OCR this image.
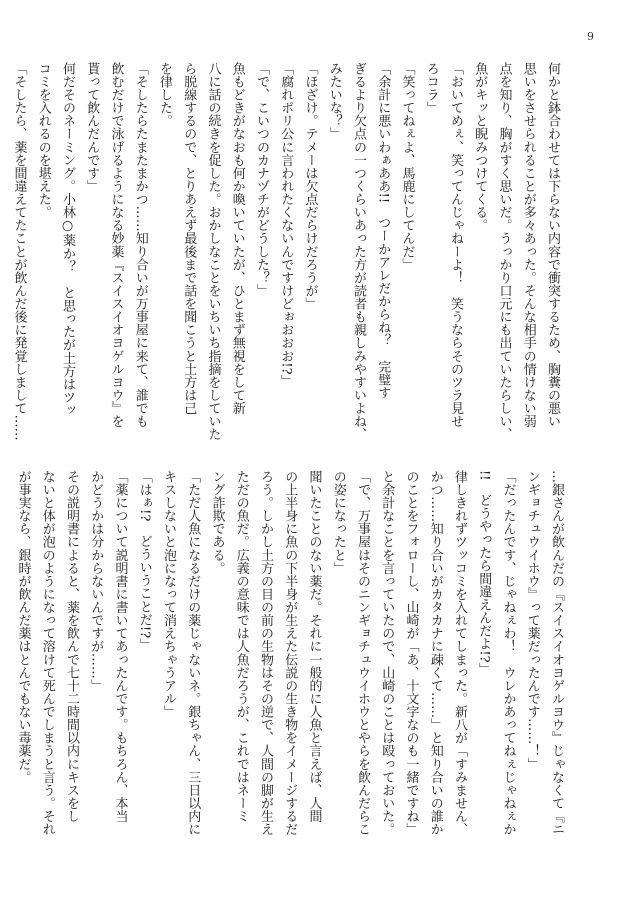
9
何かと鉢合わせては下らない内容で衝突するため、胸糞の悪い
思いをさせられることが多々あった。そんな相手の情けない弱
点を知り、胸がすく思いだ。うっかり口元にも出ていたらしい、
魚がキッと睨みつけてくる。
「おいてめぇ、笑ってんじゃねーよ！　笑うならそのツラ見せ
ろコラ」
「笑ってねぇよ、馬鹿にしてんだ」
「余計に悪いわぁああ!!　つーかアレだからね？　完璧す
ぎるより欠点の一つくらいあった方が読者も親しみやすいよね、
みたいな？」
「ほざけ。テメーは欠点だらけだろうが」
「腐れポリ公に言われたくないんですけどぉおおお!?」
「で、こいつのカナヅチがどうした？」
魚もどきがなおも何か喚いていたが、ひとまず無視をして新
八に話の続きを促した。おかしなことをいちいち指摘をしていた
ら脱線するので、とりあえず最後まで話を聞こうと土方は己
を律した。
「そしたらたまたまかつ……知り合いが万事屋に来て、誰でも
飲むだけで泳げるようになる妙薬『スイスイオヨゲルヨウ』を
貰って飲んだんです」
何だそのネーミング。小林○薬か？　と思ったが土方はツッ
コミを入れるのを堪えた。
「そしたら、薬を間違えてたことが飲んだ後に発覚しまして……
…銀さんが飲んだの『スイスイオヨゲルヨウ』じゃなくて『ニ
ンギョチュウイホウ』って薬だったんです……！」
「だったんです、じゃねぇわ！　ウレかあってねぇじゃねぇか
!!　どうやったら間違えんだよ!?」
律しきれずツッコミを入れてしまった。新八が「すみません、
かつ……知り合いがカタカナに疎くて……」と知り合いの誰か
のことをフォローし、山崎が「あ、十文字なのも一緒ですね」
と余計なことを言っていたので、山崎のことは殴っておいた。
「で、万事屋はそのニンギョチュウイホウとやらを飲んだらこ
の姿になったと」
聞いたことのない薬だ。それに一般的に人魚と言えば、人間
の上半身に魚の下半身が生えた伝説の生き物をイメージするだ
ろう。しかし土方の目の前の生物はその逆で、人間の脚が生え
ただの魚だ。広義の意味では人魚だろうが、これではネーミ
ング詐欺である。
「ただ人魚になるだけの薬じゃないネ。銀ちゃん、三日以内に
キスしないと泡になって消えちゃうアル」
「はぁ!?　どういうことだ!?」
「薬について説明書に書いてあったんです。もちろん、本当
かどうかは分からないんですが……」
その説明書によると、薬を飲んで七十二時間以内にキスをし
ないと体が泡のようになって溶けて死んでしまうと言う。それ
が事実なら、銀時が飲んだ薬はとんでもない毒薬だ。
